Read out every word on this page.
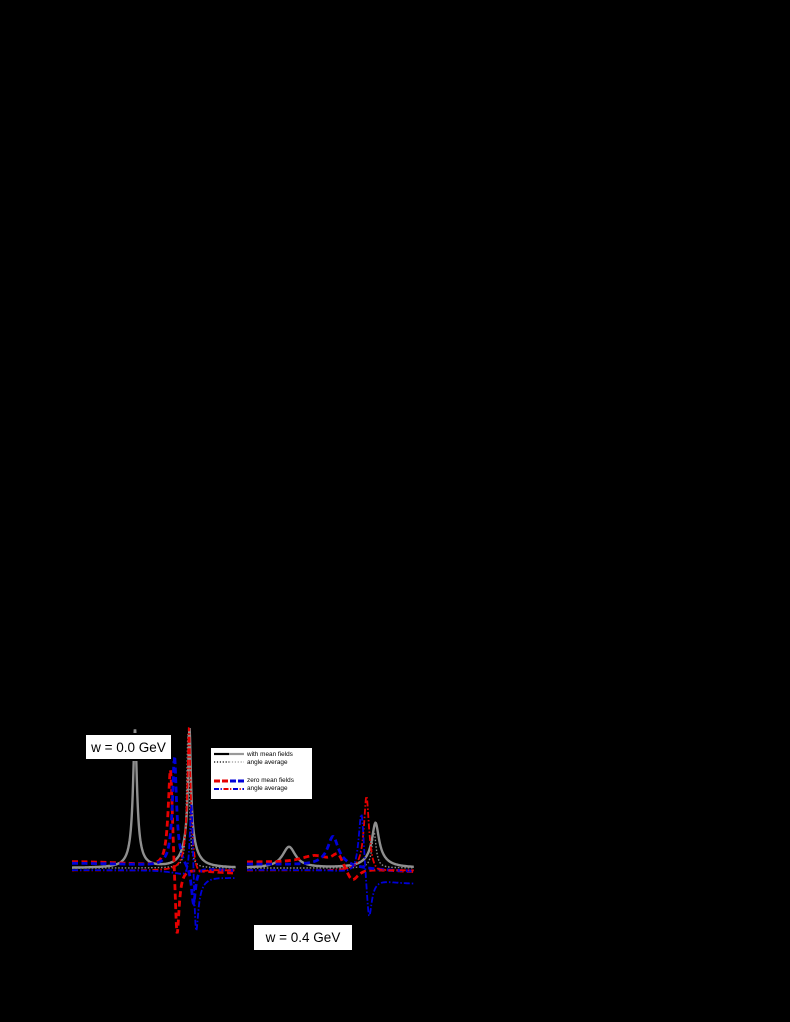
w = 0.0 GeV
w = 0.4 GeV
with mean fields
angle average
zero mean fields
angle average
